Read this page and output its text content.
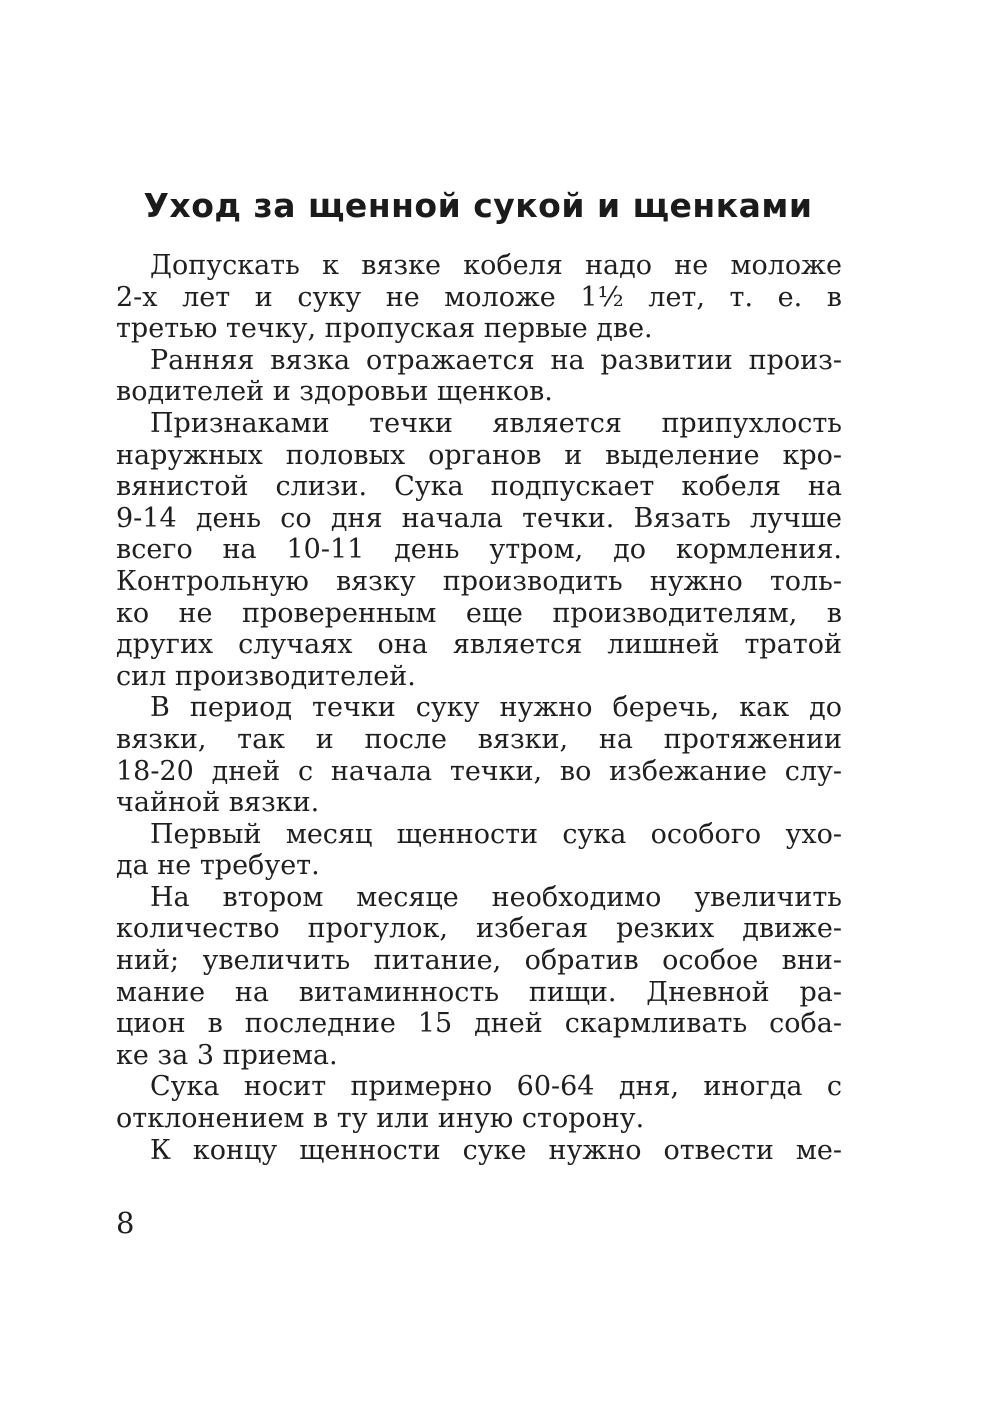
Уход за щенной сукой и щенками
Допускать к вязке кобеля надо не моложе
2-х лет и суку не моложе 1½ лет, т. е. в
третью течку, пропуская первые две.
Ранняя вязка отражается на развитии произ-
водителей и здоровьи щенков.
Признаками течки является припухлость
наружных половых органов и выделение кро-
вянистой слизи. Сука подпускает кобеля на
9-14 день со дня начала течки. Вязать лучше
всего на 10-11 день утром, до кормления.
Контрольную вязку производить нужно толь-
ко не проверенным еще производителям, в
других случаях она является лишней тратой
сил производителей.
В период течки суку нужно беречь, как до
вязки, так и после вязки, на протяжении
18-20 дней с начала течки, во избежание слу-
чайной вязки.
Первый месяц щенности сука особого ухо-
да не требует.
На втором месяце необходимо увеличить
количество прогулок, избегая резких движе-
ний; увеличить питание, обратив особое вни-
мание на витаминность пищи. Дневной ра-
цион в последние 15 дней скармливать соба-
ке за 3 приема.
Сука носит примерно 60-64 дня, иногда с
отклонением в ту или иную сторону.
К концу щенности суке нужно отвести ме-
8
